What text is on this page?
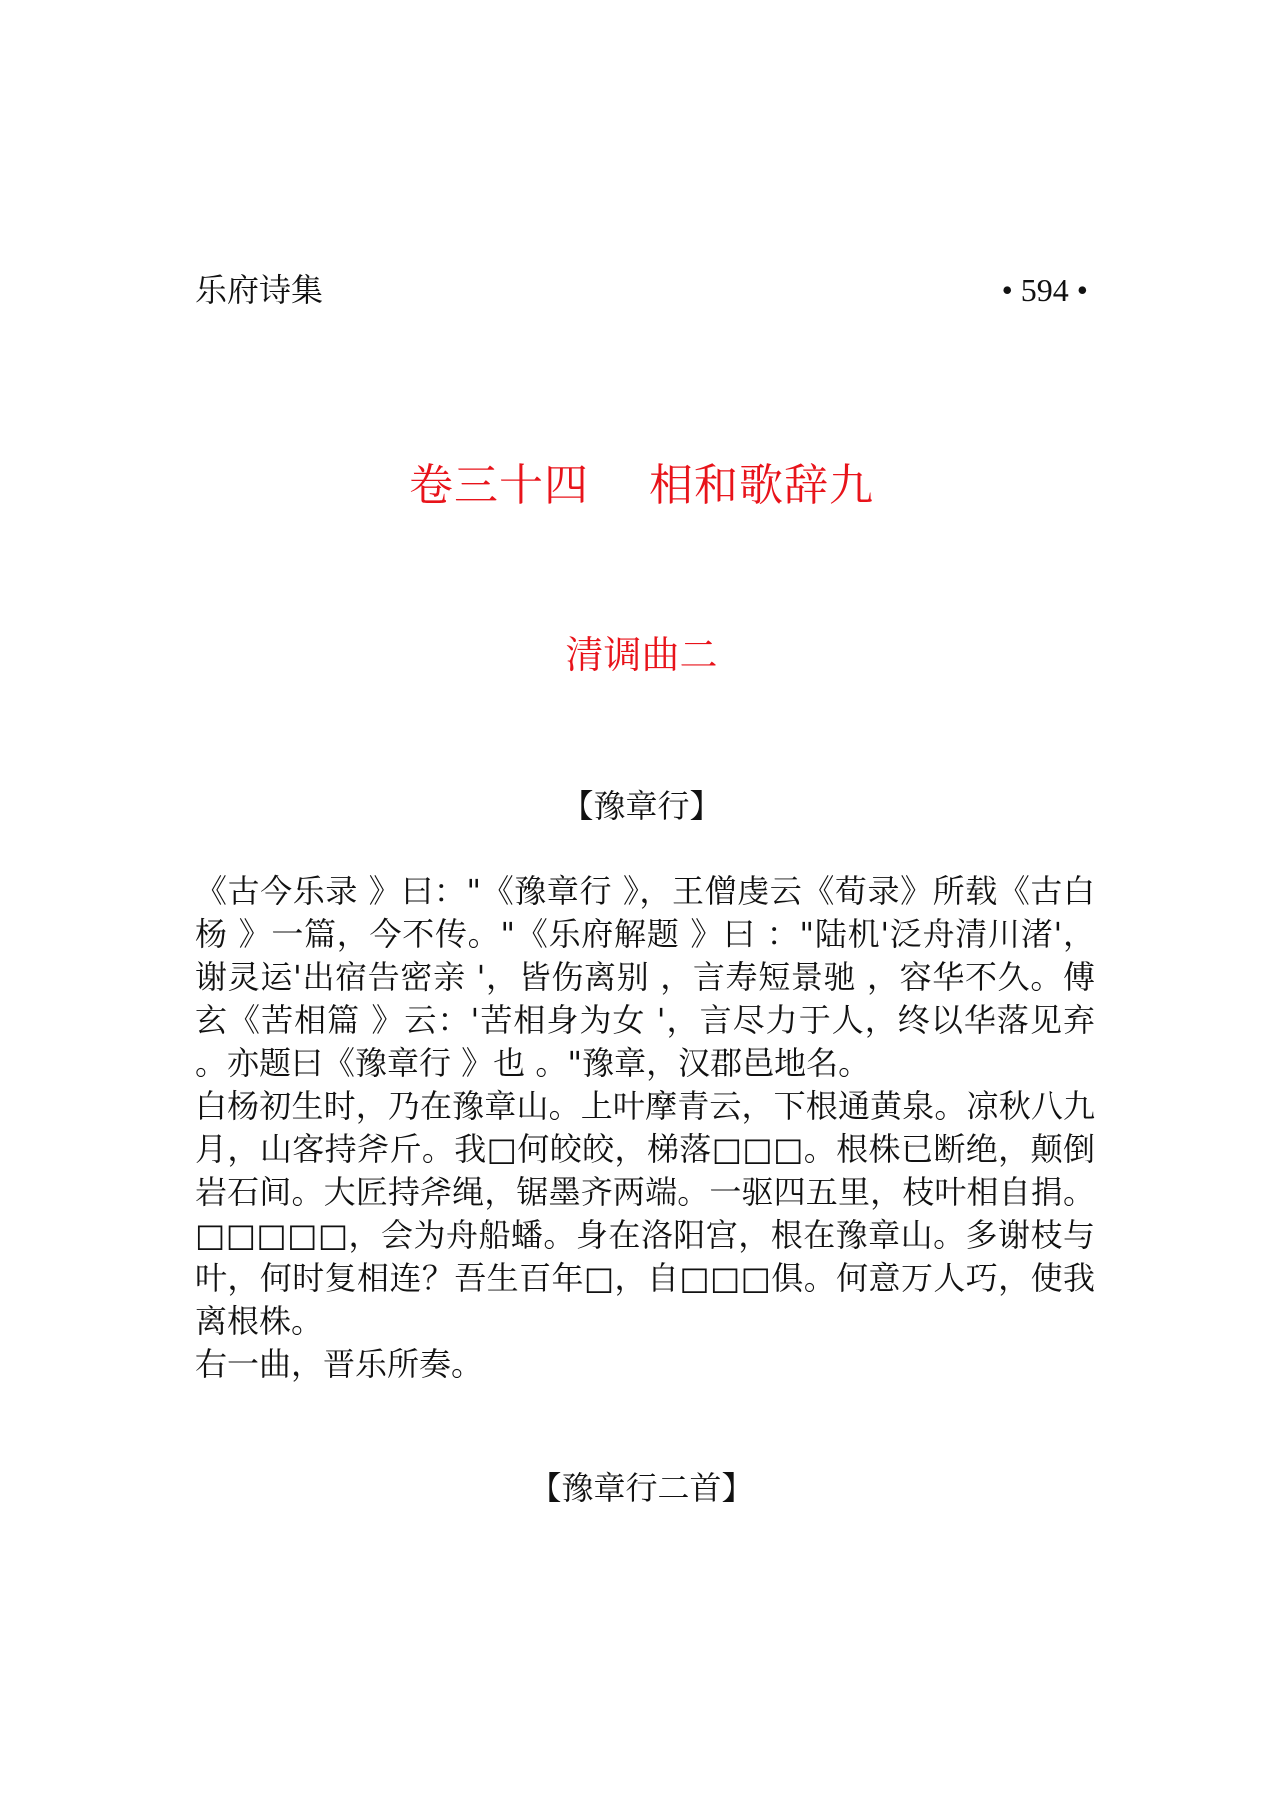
乐府诗集	• 594 •
卷三十四　 相和歌辞九
清调曲二
【豫章行】

《古今乐录 》曰："《豫章行 》，王僧虔云《荀录》所载《古白杨 》一篇，今不传。"《乐府解题 》曰 ："陆机'泛舟清川渚'，谢灵运'出宿告密亲 '，皆伤离别 ，言寿短景驰 ，容华不久。傅玄《苦相篇 》云：'苦相身为女 '，言尽力于人，终以华落见弃 。亦题曰《豫章行 》也 。"豫章，汉郡邑地名。

白杨初生时，乃在豫章山。上叶摩青云，下根通黄泉。凉秋八九月，山客持斧斤。我□何皎皎，梯落□□□。根株已断绝，颠倒岩石间。大匠持斧绳，锯墨齐两端。一驱四五里，枝叶相自捐。□□□□□，会为舟船蟠。身在洛阳宫，根在豫章山。多谢枝与叶，何时复相连？吾生百年□，自□□□俱。何意万人巧，使我离根株。

右一曲，晋乐所奏。

【豫章行二首】
